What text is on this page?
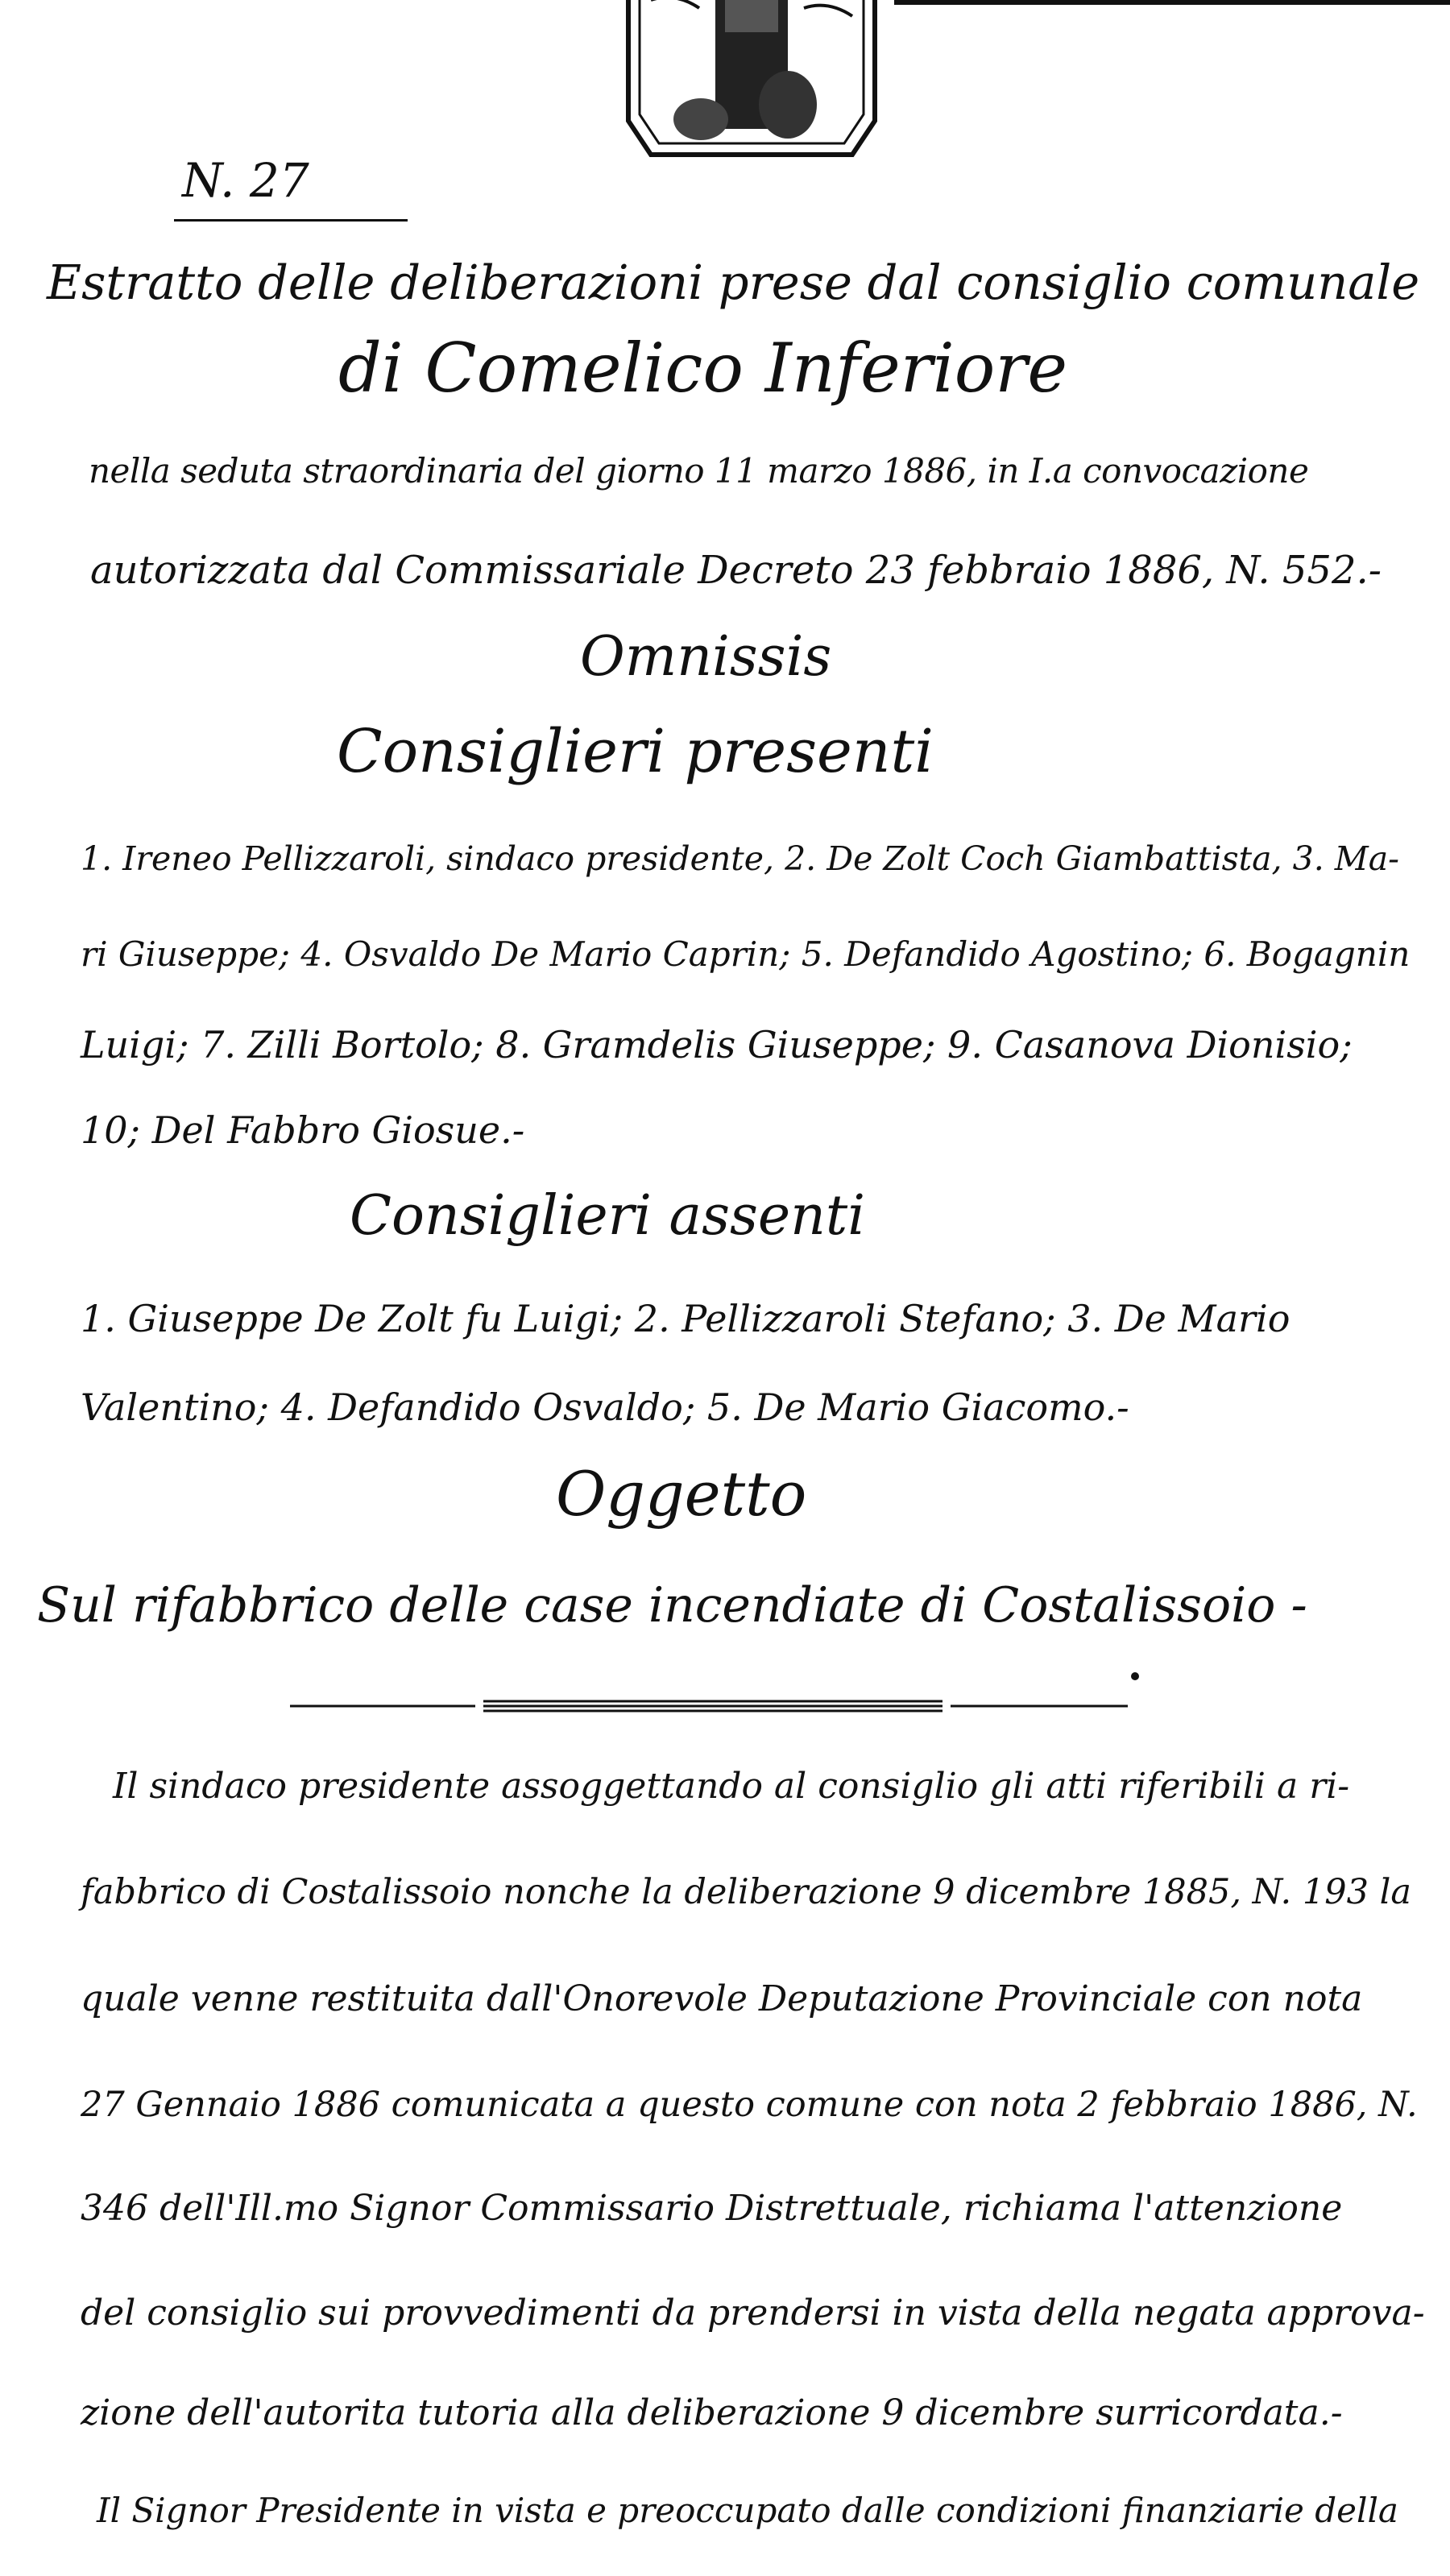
N. 27
Estratto delle deliberazioni prese dal consiglio comunale
di Comelico Inferiore
nella seduta straordinaria del giorno 11 marzo 1886, in I.a convocazione
autorizzata dal Commissariale Decreto 23 febbraio 1886, N. 552.-
Omnissis
Consiglieri presenti
1. Ireneo Pellizzaroli, sindaco presidente, 2. De Zolt Coch Giambattista, 3. Ma-
ri Giuseppe; 4. Osvaldo De Mario Caprin; 5. Defandido Agostino; 6. Bogagnin
Luigi; 7. Zilli Bortolo; 8. Gramdelis Giuseppe; 9. Casanova Dionisio;
10; Del Fabbro Giosue.-
Consiglieri assenti
1. Giuseppe De Zolt fu Luigi; 2. Pellizzaroli Stefano; 3. De Mario
Valentino; 4. Defandido Osvaldo; 5. De Mario Giacomo.-
Oggetto
Sul rifabbrico delle case incendiate di Costalissoio -
Il sindaco presidente assoggettando al consiglio gli atti riferibili a ri-
fabbrico di Costalissoio nonche la deliberazione 9 dicembre 1885, N. 193 la
quale venne restituita dall'Onorevole Deputazione Provinciale con nota
27 Gennaio 1886 comunicata a questo comune con nota 2 febbraio 1886, N.
346 dell'Ill.mo Signor Commissario Distrettuale, richiama l'attenzione
del consiglio sui provvedimenti da prendersi in vista della negata approva-
zione dell'autorita tutoria alla deliberazione 9 dicembre surricordata.-
Il Signor Presidente in vista e preoccupato dalle condizioni finanziarie della
